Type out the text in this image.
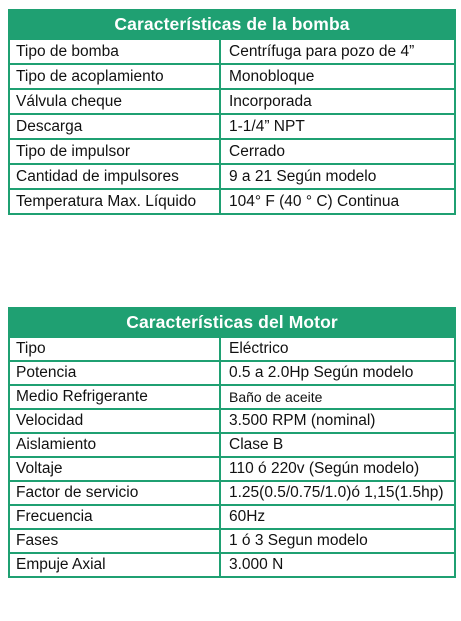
Características de la bomba	
Tipo de bomba	Centrífuga para pozo de 4”
Tipo de acoplamiento	Monobloque
Válvula cheque	Incorporada
Descarga	1-1/4” NPT
Tipo de impulsor	Cerrado
Cantidad de impulsores	9 a 21 Según modelo
Temperatura Max. Líquido	104° F (40 ° C) Continua
Características del Motor	
Tipo	Eléctrico
Potencia	0.5 a 2.0Hp Según modelo
Medio Refrigerante	Baño de aceite
Velocidad	3.500 RPM (nominal)
Aislamiento	Clase B
Voltaje	110 ó 220v (Según modelo)
Factor de servicio	1.25(0.5/0.75/1.0)ó 1,15(1.5hp)
Frecuencia	60Hz
Fases	1 ó 3 Segun modelo
Empuje Axial	3.000 N
